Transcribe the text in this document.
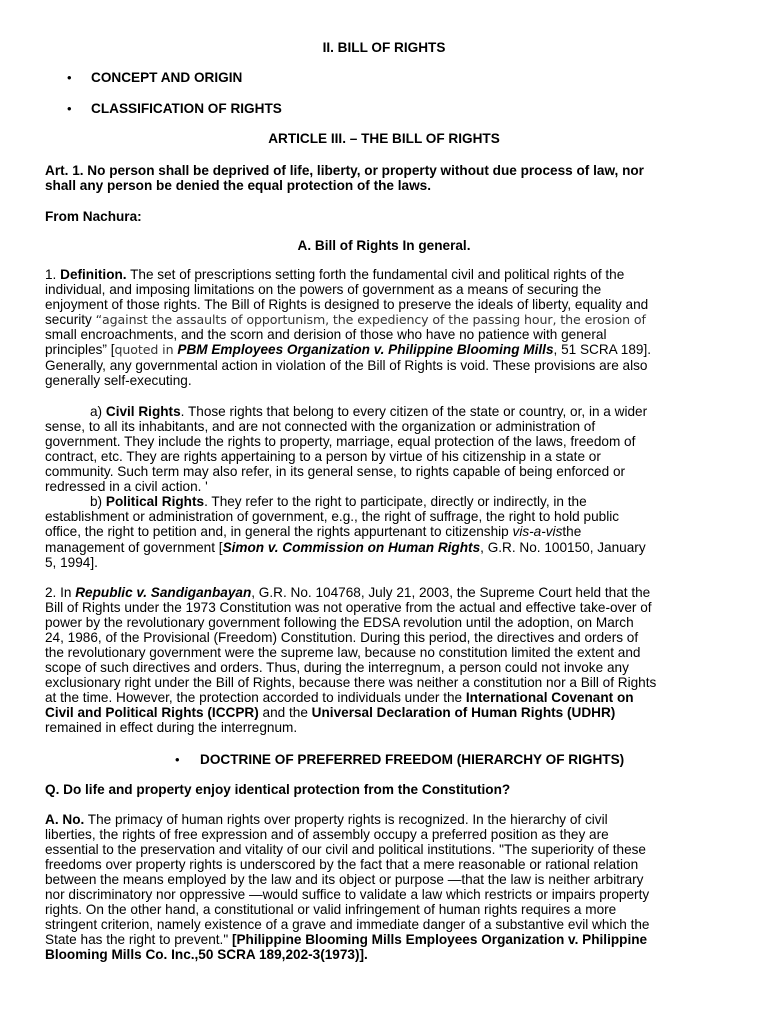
II. BILL OF RIGHTS
• CONCEPT AND ORIGIN
• CLASSIFICATION OF RIGHTS
ARTICLE III. – THE BILL OF RIGHTS
Art. 1. No person shall be deprived of life, liberty, or property without due process of law, nor
shall any person be denied the equal protection of the laws.
From Nachura:
A. Bill of Rights In general.
1. Definition. The set of prescriptions setting forth the fundamental civil and political rights of the
individual, and imposing limitations on the powers of government as a means of securing the
enjoyment of those rights. The Bill of Rights is designed to preserve the ideals of liberty, equality and
security “against the assaults of opportunism, the expediency of the passing hour, the erosion of
small encroachments, and the scorn and derision of those who have no patience with general
principles” [quoted in PBM Employees Organization v. Philippine Blooming Mills, 51 SCRA 189].
Generally, any governmental action in violation of the Bill of Rights is void. These provisions are also
generally self-executing.
a) Civil Rights. Those rights that belong to every citizen of the state or country, or, in a wider
sense, to all its inhabitants, and are not connected with the organization or administration of
government. They include the rights to property, marriage, equal protection of the laws, freedom of
contract, etc. They are rights appertaining to a person by virtue of his citizenship in a state or
community. Such term may also refer, in its general sense, to rights capable of being enforced or
redressed in a civil action. '
b) Political Rights. They refer to the right to participate, directly or indirectly, in the
establishment or administration of government, e.g., the right of suffrage, the right to hold public
office, the right to petition and, in general the rights appurtenant to citizenship vis-a-visthe
management of government [Simon v. Commission on Human Rights, G.R. No. 100150, January
5, 1994].
2. In Republic v. Sandiganbayan, G.R. No. 104768, July 21, 2003, the Supreme Court held that the
Bill of Rights under the 1973 Constitution was not operative from the actual and effective take-over of
power by the revolutionary government following the EDSA revolution until the adoption, on March
24, 1986, of the Provisional (Freedom) Constitution. During this period, the directives and orders of
the revolutionary government were the supreme law, because no constitution limited the extent and
scope of such directives and orders. Thus, during the interregnum, a person could not invoke any
exclusionary right under the Bill of Rights, because there was neither a constitution nor a Bill of Rights
at the time. However, the protection accorded to individuals under the International Covenant on
Civil and Political Rights (ICCPR) and the Universal Declaration of Human Rights (UDHR)
remained in effect during the interregnum.
• DOCTRINE OF PREFERRED FREEDOM (HIERARCHY OF RIGHTS)
Q. Do life and property enjoy identical protection from the Constitution?
A. No. The primacy of human rights over property rights is recognized. In the hierarchy of civil
liberties, the rights of free expression and of assembly occupy a preferred position as they are
essential to the preservation and vitality of our civil and political institutions. "The superiority of these
freedoms over property rights is underscored by the fact that a mere reasonable or rational relation
between the means employed by the law and its object or purpose —that the law is neither arbitrary
nor discriminatory nor oppressive —would suffice to validate a law which restricts or impairs property
rights. On the other hand, a constitutional or valid infringement of human rights requires a more
stringent criterion, namely existence of a grave and immediate danger of a substantive evil which the
State has the right to prevent." [Philippine Blooming Mills Employees Organization v. Philippine
Blooming Mills Co. Inc.,50 SCRA 189,202-3(1973)].
